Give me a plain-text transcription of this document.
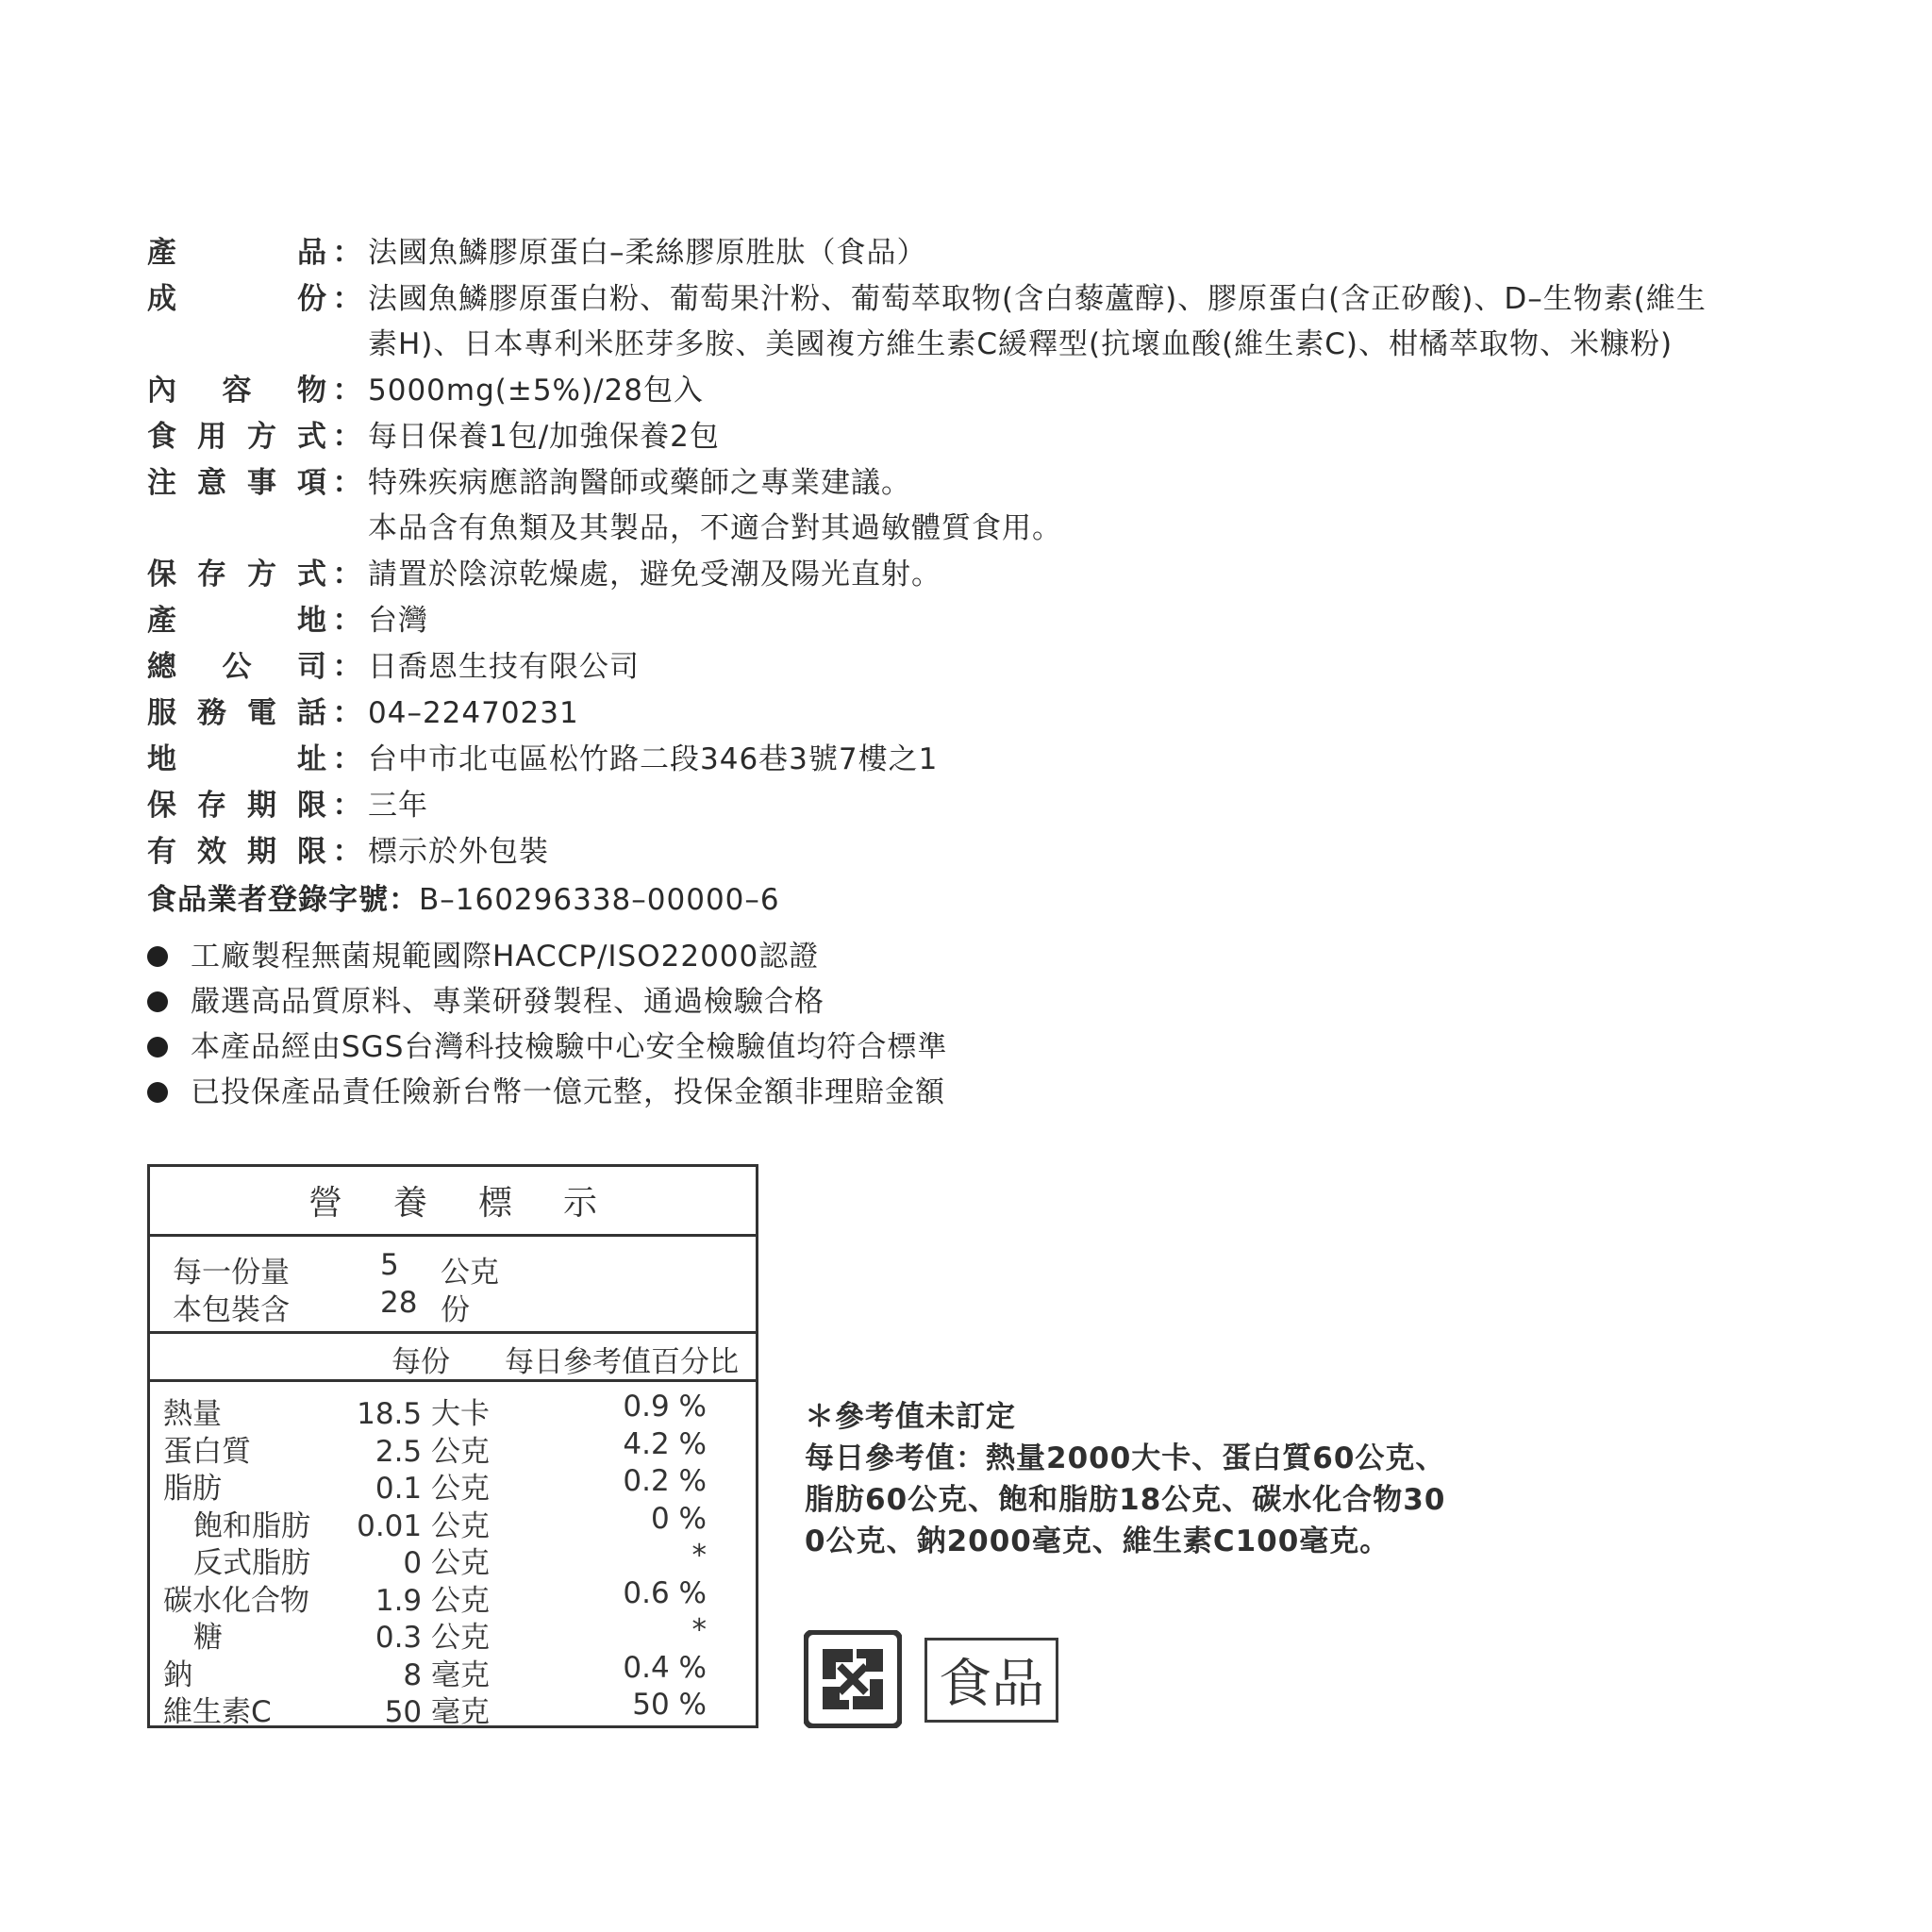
產	品 ： 法國魚鱗膠原蛋白–柔絲膠原胜肽（食品）
成	份 ： 法國魚鱗膠原蛋白粉、葡萄果汁粉、葡萄萃取物(含白藜蘆醇)、膠原蛋白(含正矽酸)、D–生物素(維生
素H)、日本專利米胚芽多胺、美國複方維生素C緩釋型(抗壞血酸(維生素C)、柑橘萃取物、米糠粉)
內 容 物 ： 5000mg(±5%)/28包入
食 用 方 式 ： 每日保養1包/加強保養2包
注 意 事 項 ： 特殊疾病應諮詢醫師或藥師之專業建議。
本品含有魚類及其製品，不適合對其過敏體質食用。
保 存 方 式 ： 請置於陰涼乾燥處，避免受潮及陽光直射。
產	地 ： 台灣
總 公 司 ： 日喬恩生技有限公司
服 務 電 話 ： 04–22470231
地	址 ： 台中市北屯區松竹路二段346巷3號7樓之1
保 存 期 限 ： 三年
有 效 期 限 ： 標示於外包裝
食品業者登錄字號：B–160296338–00000–6
工廠製程無菌規範國際HACCP/ISO22000認證
嚴選高品質原料、專業研發製程、通過檢驗合格
本產品經由SGS台灣科技檢驗中心安全檢驗值均符合標準
已投保產品責任險新台幣一億元整，投保金額非理賠金額
營養標示
每一份量	5 公克
本包裝含	28 份
每份 每日參考值百分比
熱量	18.5 大卡	0.9 %
蛋白質	2.5 公克	4.2 %
脂肪	0.1 公克	0.2 %
飽和脂肪 0.01 公克	0 %
反式脂肪	0 公克	*
碳水化合物 1.9 公克	0.6 %
糖	0.3 公克	*
鈉	8 毫克	0.4 %
維生素C	50 毫克	50 %
＊參考值未訂定
每日參考值：熱量2000大卡、蛋白質60公克、
脂肪60公克、飽和脂肪18公克、碳水化合物30
0公克、鈉2000毫克、維生素C100毫克。
食品
